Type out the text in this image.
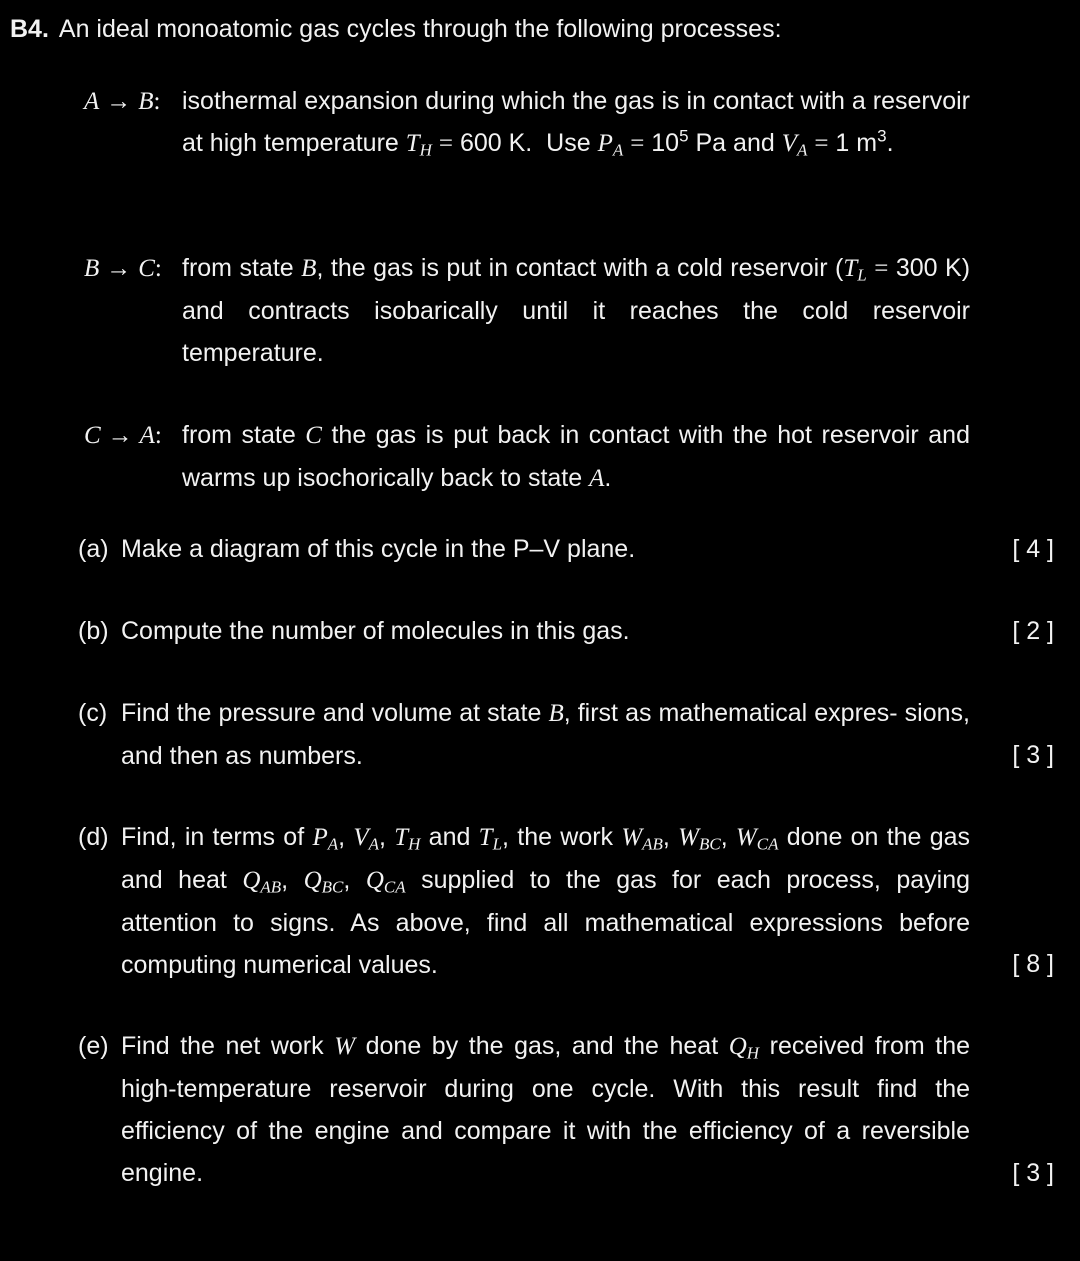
B4. An ideal monoatomic gas cycles through the following processes:
A → B: isothermal expansion during which the gas is in contact with a reservoir at high temperature $T_H = 600$ K. Use $P_A = 10^5$ Pa and $V_A = 1$ $m^3$.
B → C: from state B, the gas is put in contact with a cold reservoir ($T_L = 300$ K) and contracts isobarically until it reaches the cold reservoir temperature.
C → A: from state C the gas is put back in contact with the hot reservoir and warms up isochorically back to state A.
(a) Make a diagram of this cycle in the P–V plane.	[ 4 ]
(b) Compute the number of molecules in this gas.	[ 2 ]
(c) Find the pressure and volume at state B, first as mathematical expres- sions, and then as numbers.	[ 3 ]
(d) Find, in terms of $P_A$, $V_A$, $T_H$ and $T_L$, the work $W_{AB}$, $W_{BC}$, $W_{CA}$ done on the gas and heat $Q_{AB}$, $Q_{BC}$, $Q_{CA}$ supplied to the gas for each process, paying attention to signs. As above, find all mathematical expressions before computing numerical values.	[ 8 ]
(e) Find the net work W done by the gas, and the heat $Q_H$ received from the high-temperature reservoir during one cycle. With this result find the efficiency of the engine and compare it with the efficiency of a reversible engine.	[ 3 ]
